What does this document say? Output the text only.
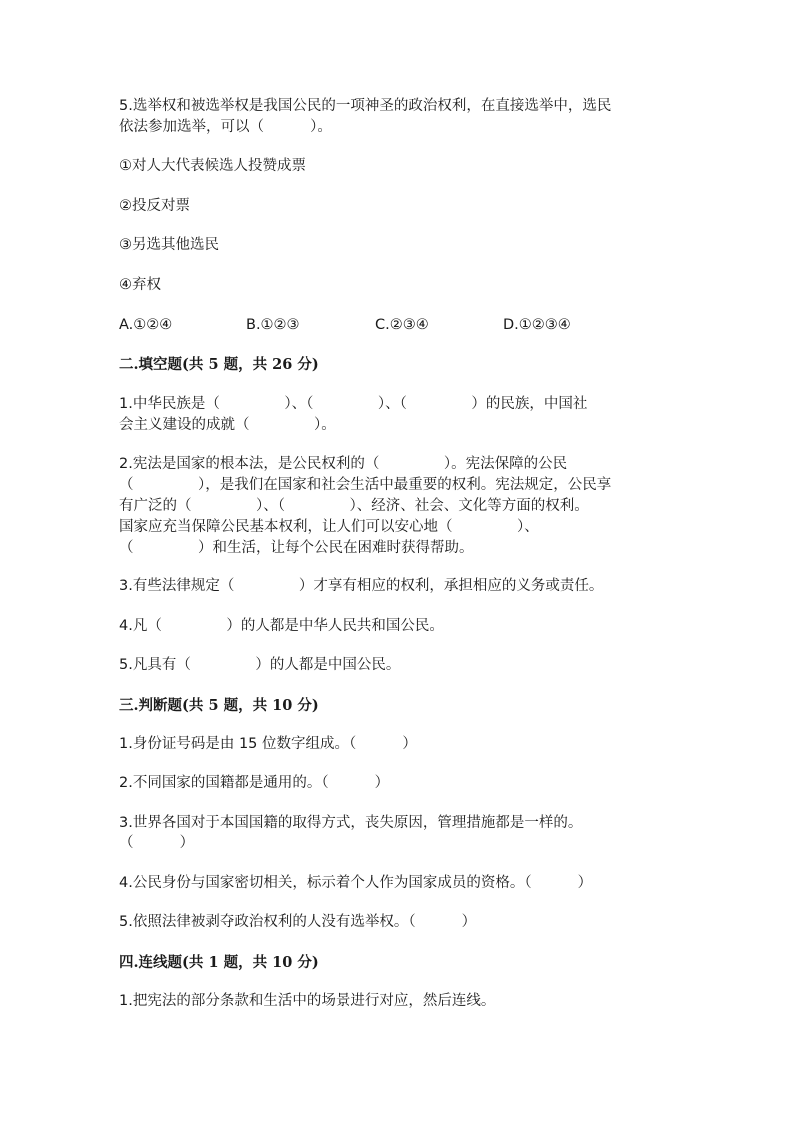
5.选举权和被选举权是我国公民的一项神圣的政治权利，在直接选举中，选民
依法参加选举，可以（          ）。
①对人大代表候选人投赞成票
②投反对票
③另选其他选民
④弃权
A.①②④	B.①②③	C.②③④	D.①②③④
二.填空题(共 5 题，共 26 分)
1.中华民族是（              ）、（              ）、（              ）的民族，中国社
会主义建设的成就（              ）。
2.宪法是国家的根本法，是公民权利的（              ）。宪法保障的公民
（              ），是我们在国家和社会生活中最重要的权利。宪法规定，公民享
有广泛的（              ）、（              ）、经济、社会、文化等方面的权利。
国家应充当保障公民基本权利，让人们可以安心地（              ）、
（              ）和生活，让每个公民在困难时获得帮助。
3.有些法律规定（              ）才享有相应的权利，承担相应的义务或责任。
4.凡（              ）的人都是中华人民共和国公民。
5.凡具有（              ）的人都是中国公民。
三.判断题(共 5 题，共 10 分)
1.身份证号码是由 15 位数字组成。（          ）
2.不同国家的国籍都是通用的。（          ）
3.世界各国对于本国国籍的取得方式，丧失原因，管理措施都是一样的。
（          ）
4.公民身份与国家密切相关，标示着个人作为国家成员的资格。（          ）
5.依照法律被剥夺政治权利的人没有选举权。（          ）
四.连线题(共 1 题，共 10 分)
1.把宪法的部分条款和生活中的场景进行对应，然后连线。
